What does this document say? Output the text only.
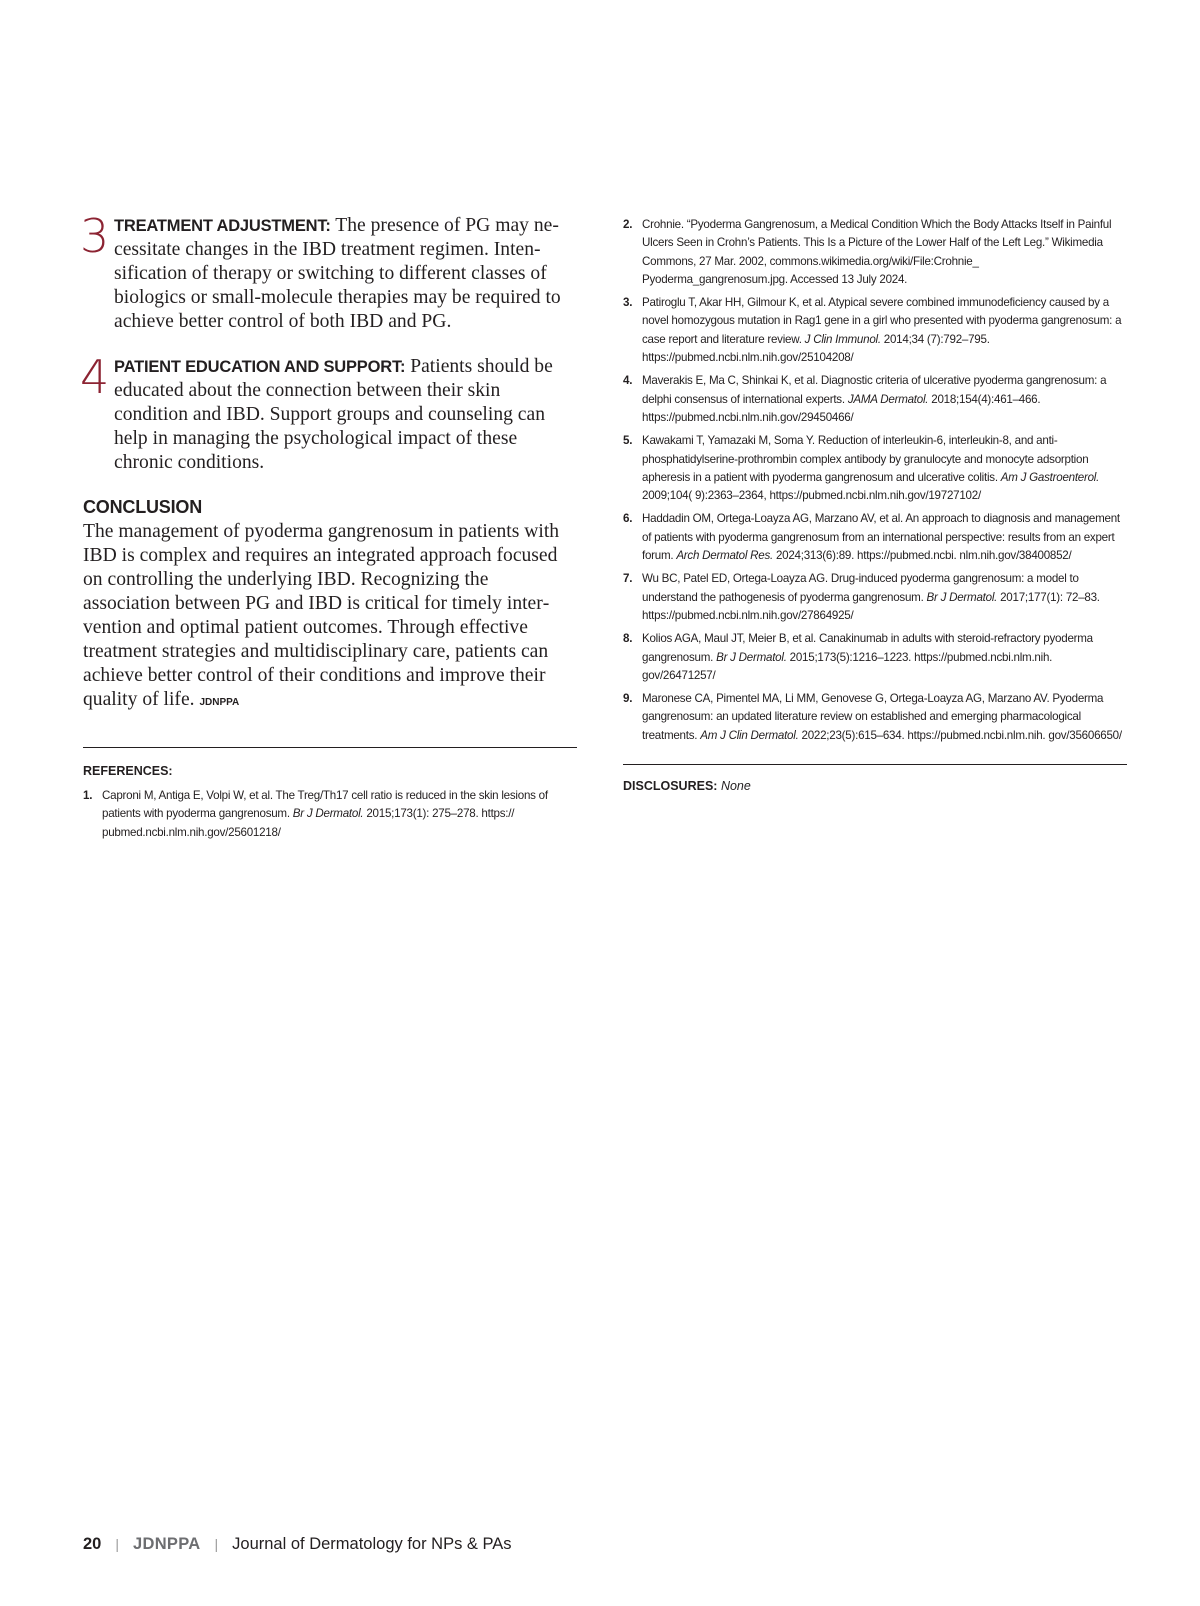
3 TREATMENT ADJUSTMENT: The presence of PG may necessitate changes in the IBD treatment regimen. Intensification of therapy or switching to different classes of biologics or small-molecule therapies may be required to achieve better control of both IBD and PG.
4 PATIENT EDUCATION AND SUPPORT: Patients should be educated about the connection between their skin condition and IBD. Support groups and counseling can help in managing the psychological impact of these chronic conditions.
CONCLUSION
The management of pyoderma gangrenosum in patients with IBD is complex and requires an integrated approach focused on controlling the underlying IBD. Recognizing the association between PG and IBD is critical for timely intervention and optimal patient outcomes. Through effective treatment strategies and multidisciplinary care, patients can achieve better control of their conditions and improve their quality of life. JDNPPA
REFERENCES:
1. Caproni M, Antiga E, Volpi W, et al. The Treg/Th17 cell ratio is reduced in the skin lesions of patients with pyoderma gangrenosum. Br J Dermatol. 2015;173(1): 275–278. https:// pubmed.ncbi.nlm.nih.gov/25601218/
2. Crohnie. “Pyoderma Gangrenosum, a Medical Condition Which the Body Attacks Itself in Painful Ulcers Seen in Crohn’s Patients. This Is a Picture of the Lower Half of the Left Leg.” Wikimedia Commons, 27 Mar. 2002, commons.wikimedia.org/wiki/File:Crohnie_ Pyoderma_gangrenosum.jpg. Accessed 13 July 2024.
3. Patiroglu T, Akar HH, Gilmour K, et al. Atypical severe combined immunodeficiency caused by a novel homozygous mutation in Rag1 gene in a girl who presented with pyoderma gangrenosum: a case report and literature review. J Clin Immunol. 2014;34 (7):792–795. https://pubmed.ncbi.nlm.nih.gov/25104208/
4. Maverakis E, Ma C, Shinkai K, et al. Diagnostic criteria of ulcerative pyoderma gangrenosum: a delphi consensus of international experts. JAMA Dermatol. 2018;154(4):461–466. https://pubmed.ncbi.nlm.nih.gov/29450466/
5. Kawakami T, Yamazaki M, Soma Y. Reduction of interleukin-6, interleukin-8, and anti-phosphatidylserine-prothrombin complex antibody by granulocyte and monocyte adsorption apheresis in a patient with pyoderma gangrenosum and ulcerative colitis. Am J Gastroenterol. 2009;104( 9):2363–2364, https://pubmed.ncbi.nlm.nih.gov/19727102/
6. Haddadin OM, Ortega-Loayza AG, Marzano AV, et al. An approach to diagnosis and management of patients with pyoderma gangrenosum from an international perspective: results from an expert forum. Arch Dermatol Res. 2024;313(6):89. https://pubmed.ncbi. nlm.nih.gov/38400852/
7. Wu BC, Patel ED, Ortega-Loayza AG. Drug-induced pyoderma gangrenosum: a model to understand the pathogenesis of pyoderma gangrenosum. Br J Dermatol. 2017;177(1): 72–83. https://pubmed.ncbi.nlm.nih.gov/27864925/
8. Kolios AGA, Maul JT, Meier B, et al. Canakinumab in adults with steroid-refractory pyoderma gangrenosum. Br J Dermatol. 2015;173(5):1216–1223. https://pubmed.ncbi.nlm.nih. gov/26471257/
9. Maronese CA, Pimentel MA, Li MM, Genovese G, Ortega-Loayza AG, Marzano AV. Pyoderma gangrenosum: an updated literature review on established and emerging pharmacological treatments. Am J Clin Dermatol. 2022;23(5):615–634. https://pubmed.ncbi.nlm.nih. gov/35606650/
DISCLOSURES: None
20 | JDNPPA | Journal of Dermatology for NPs & PAs
